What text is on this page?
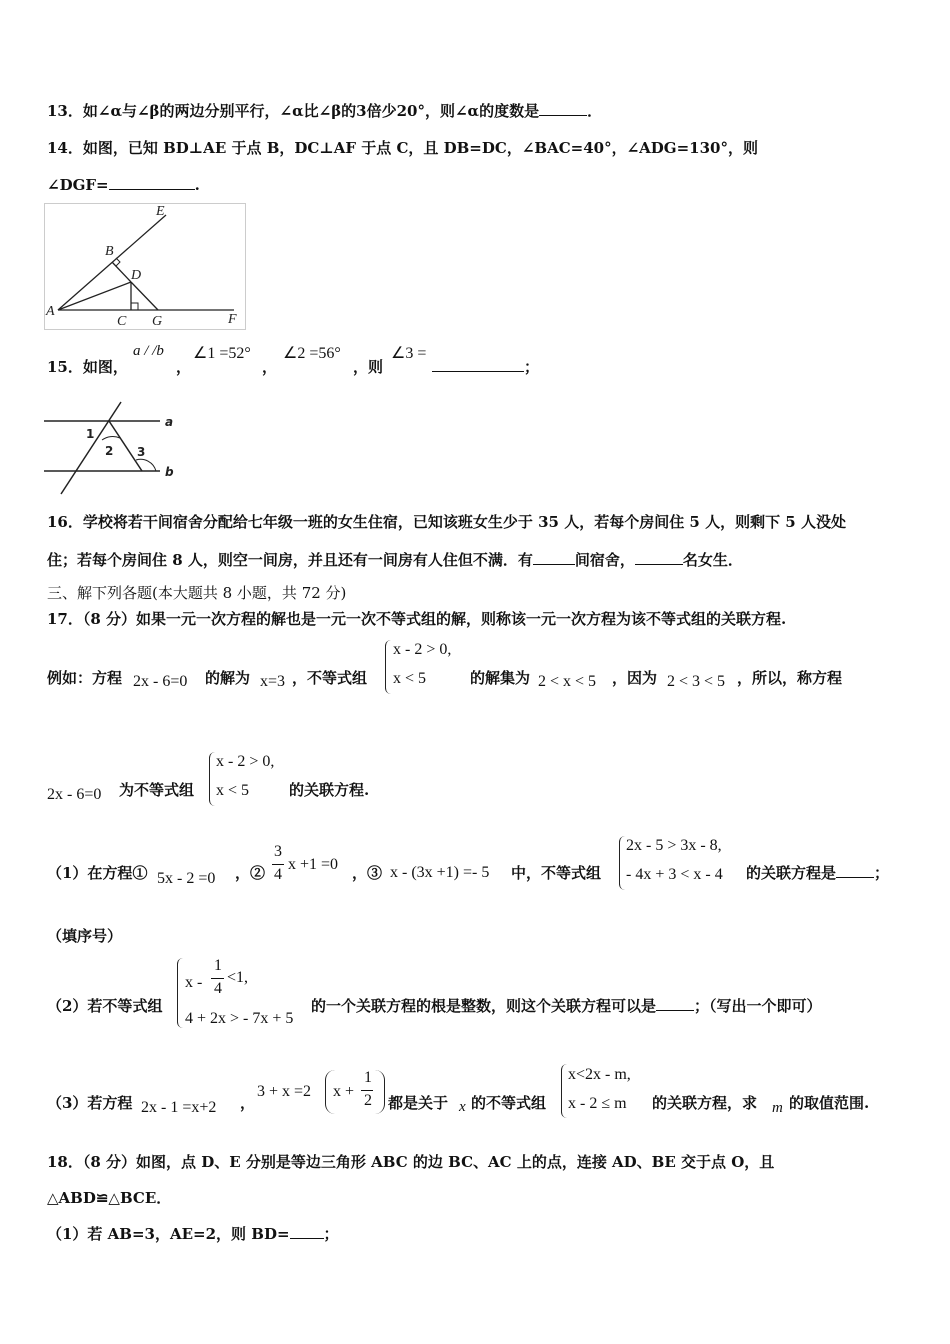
13．如∠α与∠β的两边分别平行，∠α比∠β的3倍少20°，则∠α的度数是	．
14．如图，已知 BD⊥AE 于点 B，DC⊥AF 于点 C，且 DB=DC，∠BAC=40°，∠ADG=130°，则
∠DGF=	.
E
B
D
A
C G	F
15．如图，
a / /b
，
∠1 =52°
，
∠2 =56°
，则
∠3 =
；
1
2 3
a
b
16．学校将若干间宿舍分配给七年级一班的女生住宿，已知该班女生少于 35 人，若每个房间住 5 人，则剩下 5 人没处
住；若每个房间住 8 人，则空一间房，并且还有一间房有人住但不满．有	间宿舍，	名女生．
三、解下列各题(本大题共 8 小题，共 72 分)
17．（8 分）如果一元一次方程的解也是一元一次不等式组的解，则称该一元一次方程为该不等式组的关联方程.
例如：方程 2x - 6=0 的解为 x=3 ，不等式组
x - 2 > 0,
x < 5	的解集为 2 < x < 5 ，因为 2 < 3 < 5 ，所以，称方程
2x - 6=0 为不等式组
x - 2 > 0,
x < 5	的关联方程.
（1）在方程① 5x - 2 =0 ，②
3
4
x +1 =0 ，③ x - (3x +1) =- 5 中，不等式组
2x - 5 > 3x - 8,
- 4x + 3 < x - 4 的关联方程是	；
（填序号）
（2）若不等式组
x -
1
4
<1,
4 + 2x > - 7x + 5
的一个关联方程的根是整数，则这个关联方程可以是	；（写出一个即可）
（3）若方程 2x - 1 =x+2 ，
3 + x =2 x +
1
2 都是关于 x 的不等式组
x<2x - m,
x - 2 ≤ m 的关联方程，求 m 的取值范围.
18．（8 分）如图，点 D、E 分别是等边三角形 ABC 的边 BC、AC 上的点，连接 AD、BE 交于点 O，且
△ABD≌△BCE．
（1）若 AB=3，AE=2，则 BD= ；
